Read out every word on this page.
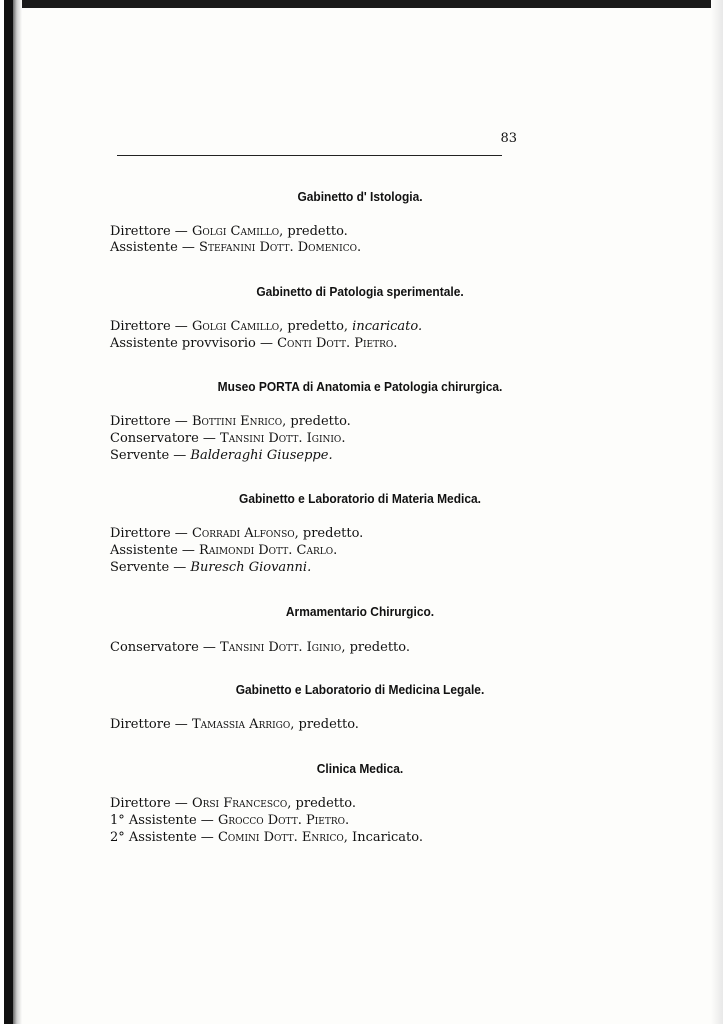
83
Gabinetto d' Istologia.
Direttore — Golgi Camillo, predetto.
Assistente — Stefanini Dott. Domenico.
Gabinetto di Patologia sperimentale.
Direttore — Golgi Camillo, predetto, incaricato.
Assistente provvisorio — Conti Dott. Pietro.
Museo PORTA di Anatomia e Patologia chirurgica.
Direttore — Bottini Enrico, predetto.
Conservatore — Tansini Dott. Iginio.
Servente — Balderaghi Giuseppe.
Gabinetto e Laboratorio di Materia Medica.
Direttore — Corradi Alfonso, predetto.
Assistente — Raimondi Dott. Carlo.
Servente — Buresch Giovanni.
Armamentario Chirurgico.
Conservatore — Tansini Dott. Iginio, predetto.
Gabinetto e Laboratorio di Medicina Legale.
Direttore — Tamassia Arrigo, predetto.
Clinica Medica.
Direttore — Orsi Francesco, predetto.
1° Assistente — Grocco Dott. Pietro.
2° Assistente — Comini Dott. Enrico, Incaricato.
